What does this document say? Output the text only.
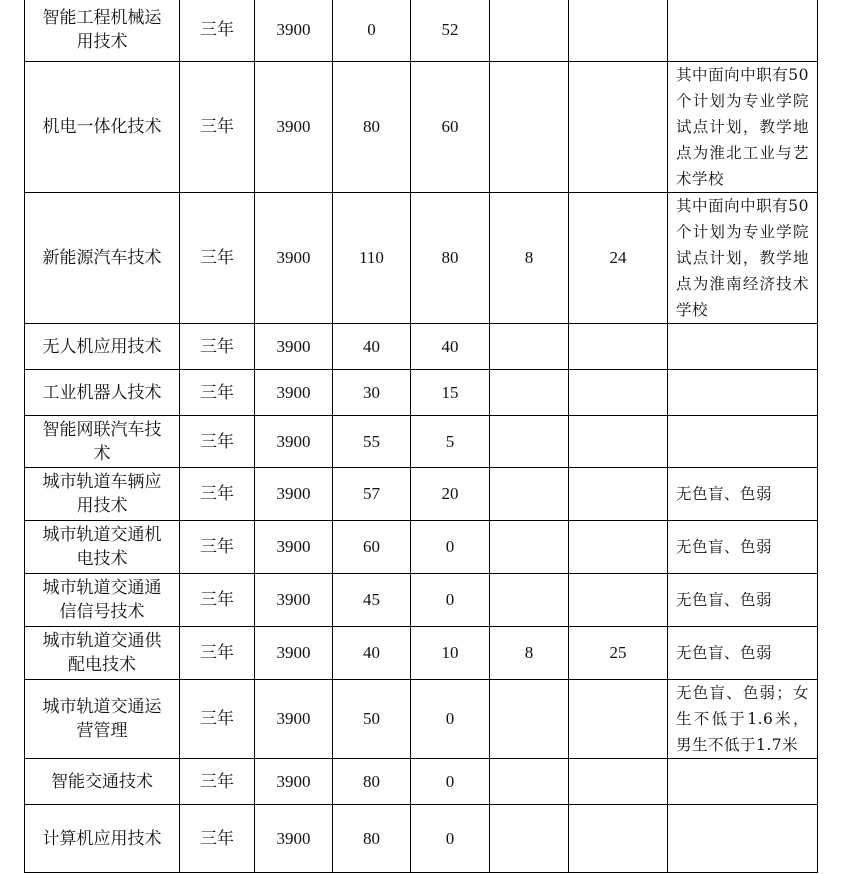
智能工程机械运用技术	三年	3900	0	52			
机电一体化技术	三年	3900	80	60			其中面向中职有50个计划为专业学院试点计划，教学地点为淮北工业与艺术学校
新能源汽车技术	三年	3900	110	80	8	24	其中面向中职有50个计划为专业学院试点计划，教学地点为淮南经济技术学校
无人机应用技术	三年	3900	40	40			
工业机器人技术	三年	3900	30	15			
智能网联汽车技术	三年	3900	55	5			
城市轨道车辆应用技术	三年	3900	57	20			无色盲、色弱
城市轨道交通机电技术	三年	3900	60	0			无色盲、色弱
城市轨道交通通信信号技术	三年	3900	45	0			无色盲、色弱
城市轨道交通供配电技术	三年	3900	40	10	8	25	无色盲、色弱
城市轨道交通运营管理	三年	3900	50	0			无色盲、色弱；女生不低于1.6米，男生不低于1.7米
智能交通技术	三年	3900	80	0			
计算机应用技术	三年	3900	80	0			
